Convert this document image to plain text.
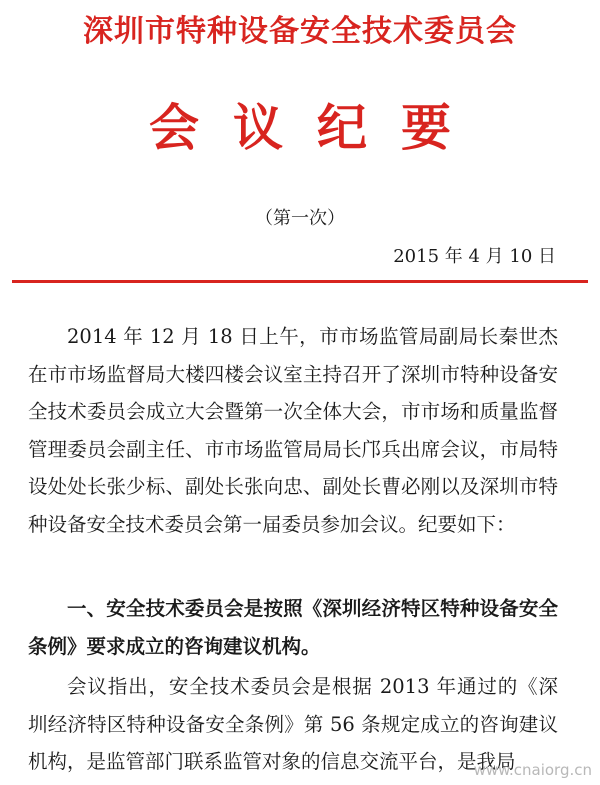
深圳市特种设备安全技术委员会
会议纪要
（第一次）
2015 年 4 月 10 日

2014 年 12 月 18 日上午，市市场监管局副局长秦世杰在市市场监督局大楼四楼会议室主持召开了深圳市特种设备安全技术委员会成立大会暨第一次全体大会，市市场和质量监督管理委员会副主任、市市场监管局局长邝兵出席会议，市局特设处处长张少标、副处长张向忠、副处长曹必刚以及深圳市特种设备安全技术委员会第一届委员参加会议。纪要如下：

一、安全技术委员会是按照《深圳经济特区特种设备安全条例》要求成立的咨询建议机构。

会议指出，安全技术委员会是根据 2013 年通过的《深圳经济特区特种设备安全条例》第 56 条规定成立的咨询建议机构，是监管部门联系监管对象的信息交流平台，是我局

www.cnaiorg.cn
